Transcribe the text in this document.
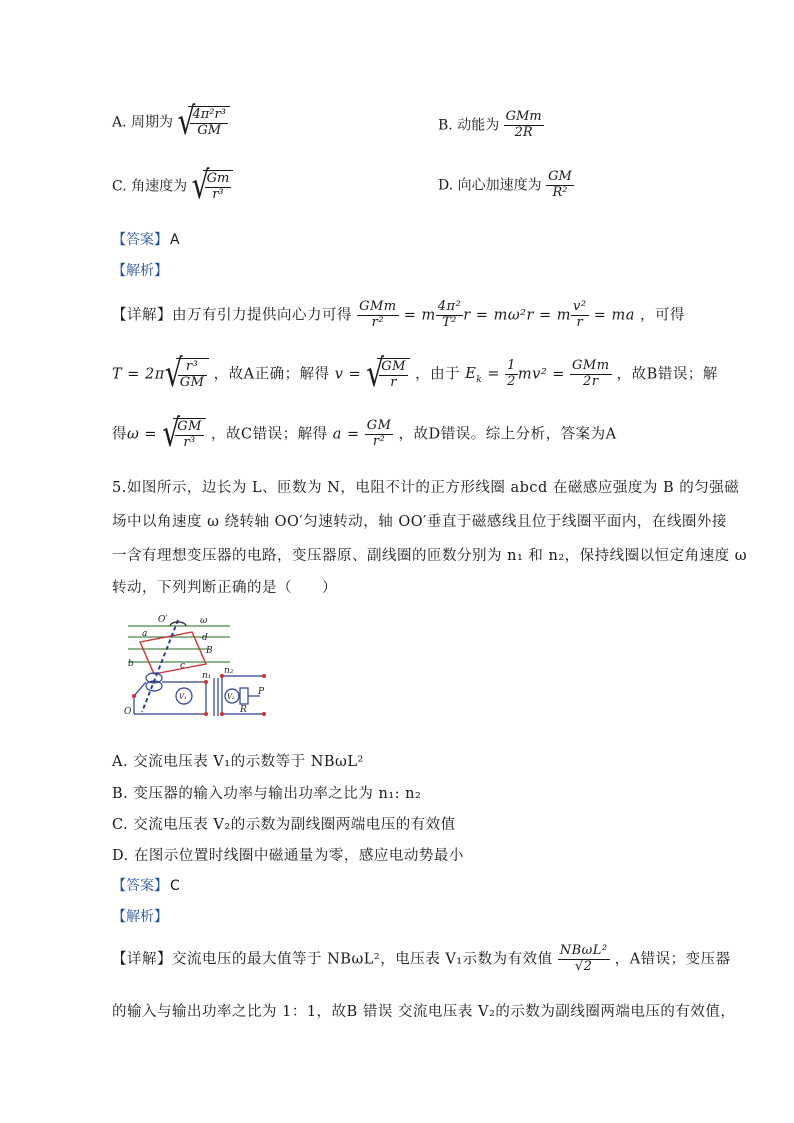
A. 周期为 √
$\frac{\text{4π²r³}}{GM}$	B. 动能为 $\frac{\text{GMm}}{2R}$
C. 角速度为 √
$\frac{Gm}{\text{r³}}$	D. 向心加速度为 $\frac{GM}{\text{R²}}$
【答案】 A
【解析】
【详解】由万有引力提供向心力可得 $\frac{\text{GMm}}{\text{r²}} = m \frac{\text{4π²}}{\text{T²}}$ r = mω²r = m $\frac{\text{v²}}{r}$ = ma ，可得
T = 2π √
$\frac{\text{r³}}{GM}$ ，故A正确；解得 v = √
$\frac{GM}{r}$ ，由于 $E_k = \frac{1}{2} mv^2 = \frac{\text{GMm}}{2r}$ ，故B错误；解
得ω = √
$\frac{GM}{\text{r³}}$ ，故C错误；解得 $a = \frac{GM}{\text{r²}}$ ，故D错误。综上分析，答案为A
5.如图所示，边长为 L、匝数为 N，电阻不计的正方形线圈 abcd 在磁感应强度为 B 的匀强磁
场中以角速度 ω 绕转轴 OO′匀速转动，轴 OO′垂直于磁感线且位于线圈平面内，在线圈外接
一含有理想变压器的电路，变压器原、副线圈的匝数分别为 n₁ 和 n₂，保持线圈以恒定角速度 ω
转动，下列判断正确的是（　　）
O′	ω
a	d
b	c
B
O
n₁ n₂
V₁	V₂
R
P
A. 交流电压表 V₁的示数等于 NBωL²
B. 变压器的输入功率与输出功率之比为 n₁: n₂
C. 交流电压表 V₂的示数为副线圈两端电压的有效值
D. 在图示位置时线圈中磁通量为零，感应电动势最小
【答案】 C
【解析】
【详解】交流电压的最大值等于 NBωL²，电压表 V₁示数为有效值 $\frac{\text{NBωL²}}{√2}$ ，A错误；变压器
的输入与输出功率之比为 1：1，故B 错误 交流电压表 V₂的示数为副线圈两端电压的有效值，
